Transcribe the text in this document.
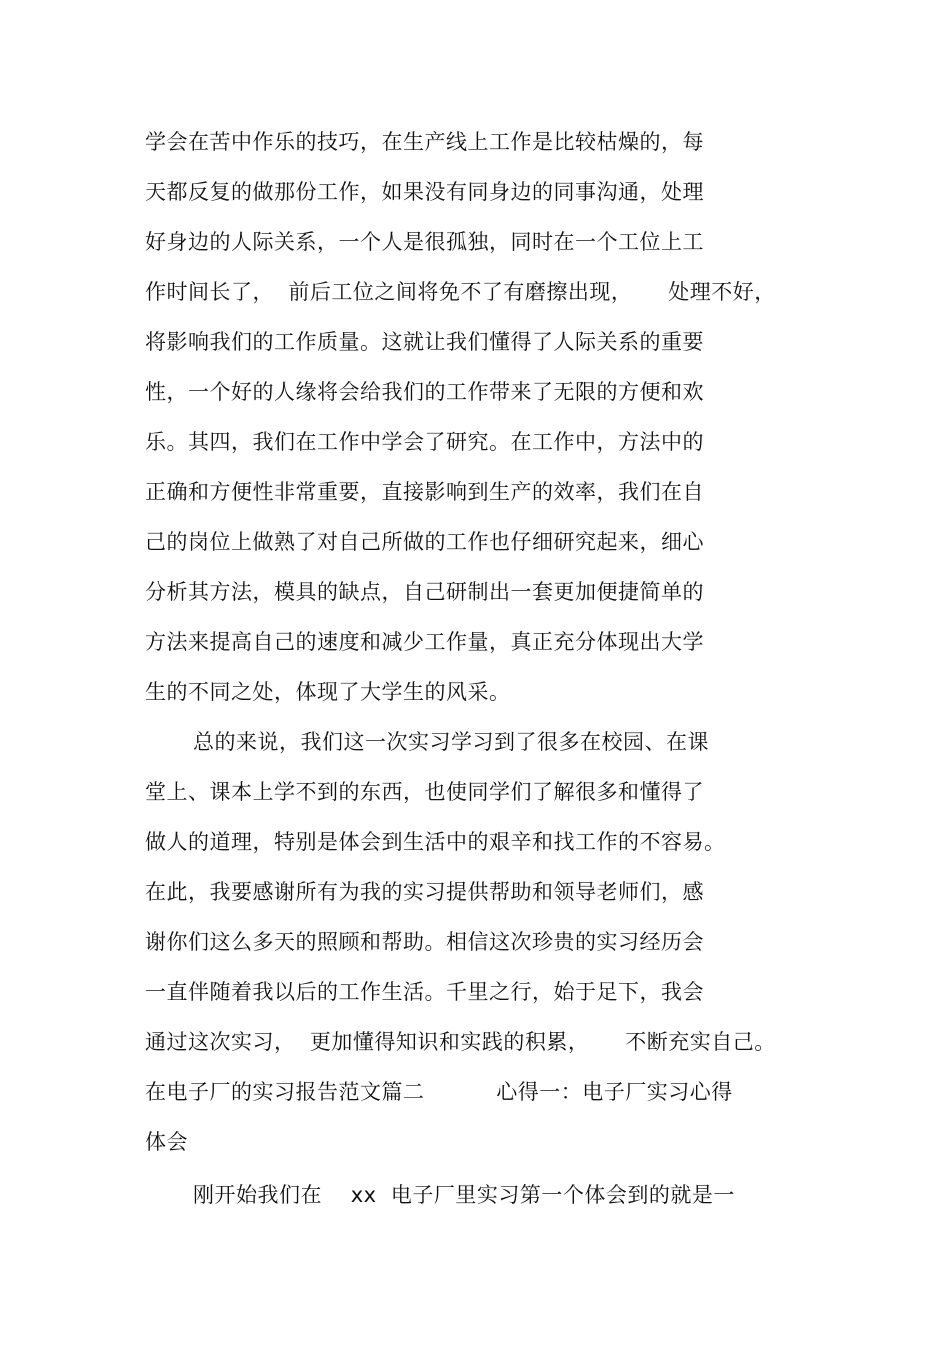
学会在苦中作乐的技巧，在生产线上工作是比较枯燥的，每
天都反复的做那份工作，如果没有同身边的同事沟通，处理
好身边的人际关系，一个人是很孤独，同时在一个工位上工
作时间长了，  前后工位之间将免不了有磨擦出现，     处理不好，
将影响我们的工作质量。这就让我们懂得了人际关系的重要
性，一个好的人缘将会给我们的工作带来了无限的方便和欢
乐。其四，我们在工作中学会了研究。在工作中，方法中的
正确和方便性非常重要，直接影响到生产的效率，我们在自
己的岗位上做熟了对自己所做的工作也仔细研究起来，细心
分析其方法，模具的缺点，自己研制出一套更加便捷简单的
方法来提高自己的速度和减少工作量，真正充分体现出大学
生的不同之处，体现了大学生的风采。
总的来说，我们这一次实习学习到了很多在校园、在课
堂上、课本上学不到的东西，也使同学们了解很多和懂得了
做人的道理，特别是体会到生活中的艰辛和找工作的不容易。
在此，我要感谢所有为我的实习提供帮助和领导老师们，感
谢你们这么多天的照顾和帮助。相信这次珍贵的实习经历会
一直伴随着我以后的工作生活。千里之行，始于足下，我会
通过这次实习，  更加懂得知识和实践的积累，     不断充实自己。
在电子厂的实习报告范文篇二          心得一：电子厂实习心得
体会
刚开始我们在    xx  电子厂里实习第一个体会到的就是一
